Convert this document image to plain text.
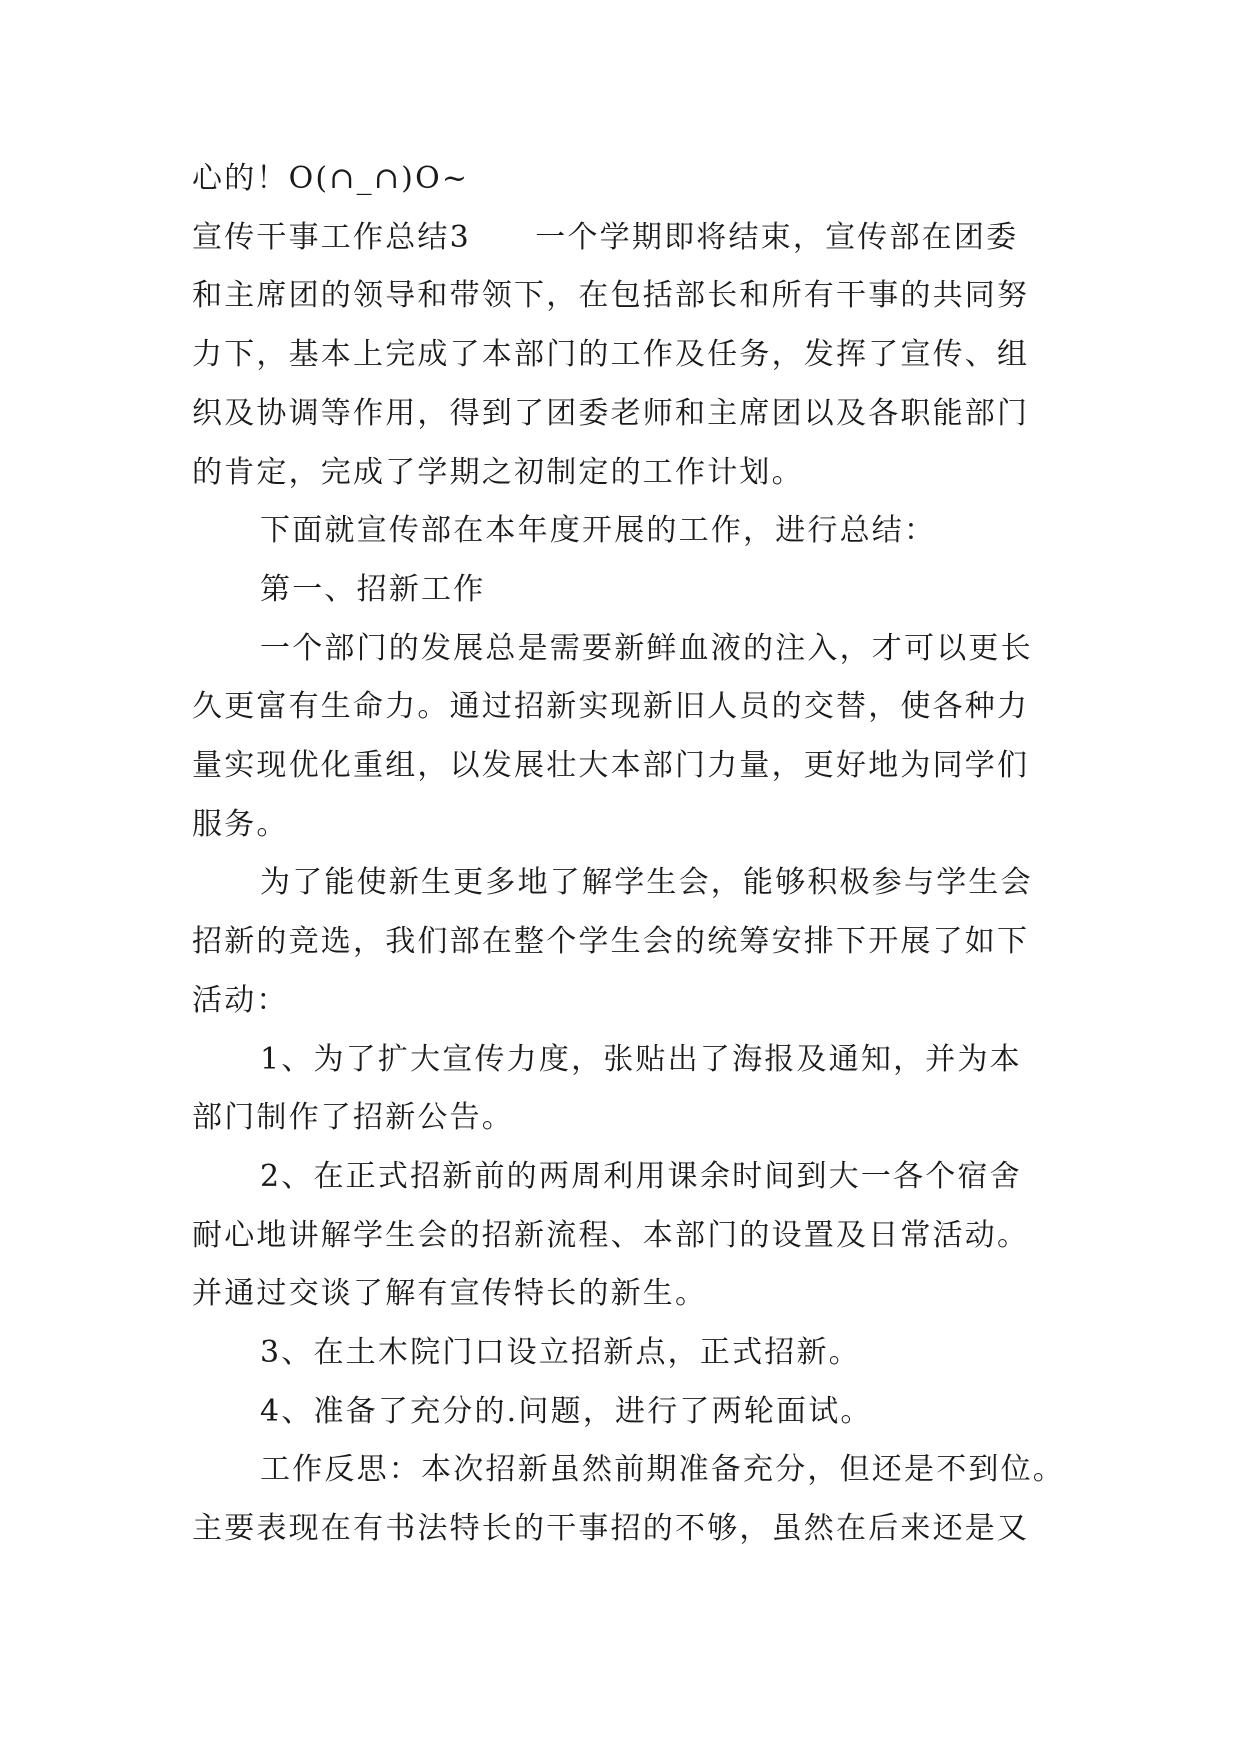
心的！O(∩_∩)O~
宣传干事工作总结3　　一个学期即将结束，宣传部在团委
和主席团的领导和带领下，在包括部长和所有干事的共同努
力下，基本上完成了本部门的工作及任务，发挥了宣传、组
织及协调等作用，得到了团委老师和主席团以及各职能部门
的肯定，完成了学期之初制定的工作计划。
下面就宣传部在本年度开展的工作，进行总结：
第一、招新工作
一个部门的发展总是需要新鲜血液的注入，才可以更长
久更富有生命力。通过招新实现新旧人员的交替，使各种力
量实现优化重组，以发展壮大本部门力量，更好地为同学们
服务。
为了能使新生更多地了解学生会，能够积极参与学生会
招新的竞选，我们部在整个学生会的统筹安排下开展了如下
活动：
1、为了扩大宣传力度，张贴出了海报及通知，并为本
部门制作了招新公告。
2、在正式招新前的两周利用课余时间到大一各个宿舍
耐心地讲解学生会的招新流程、本部门的设置及日常活动。
并通过交谈了解有宣传特长的新生。
3、在土木院门口设立招新点，正式招新。
4、准备了充分的.问题，进行了两轮面试。
工作反思：本次招新虽然前期准备充分，但还是不到位。
主要表现在有书法特长的干事招的不够，虽然在后来还是又
